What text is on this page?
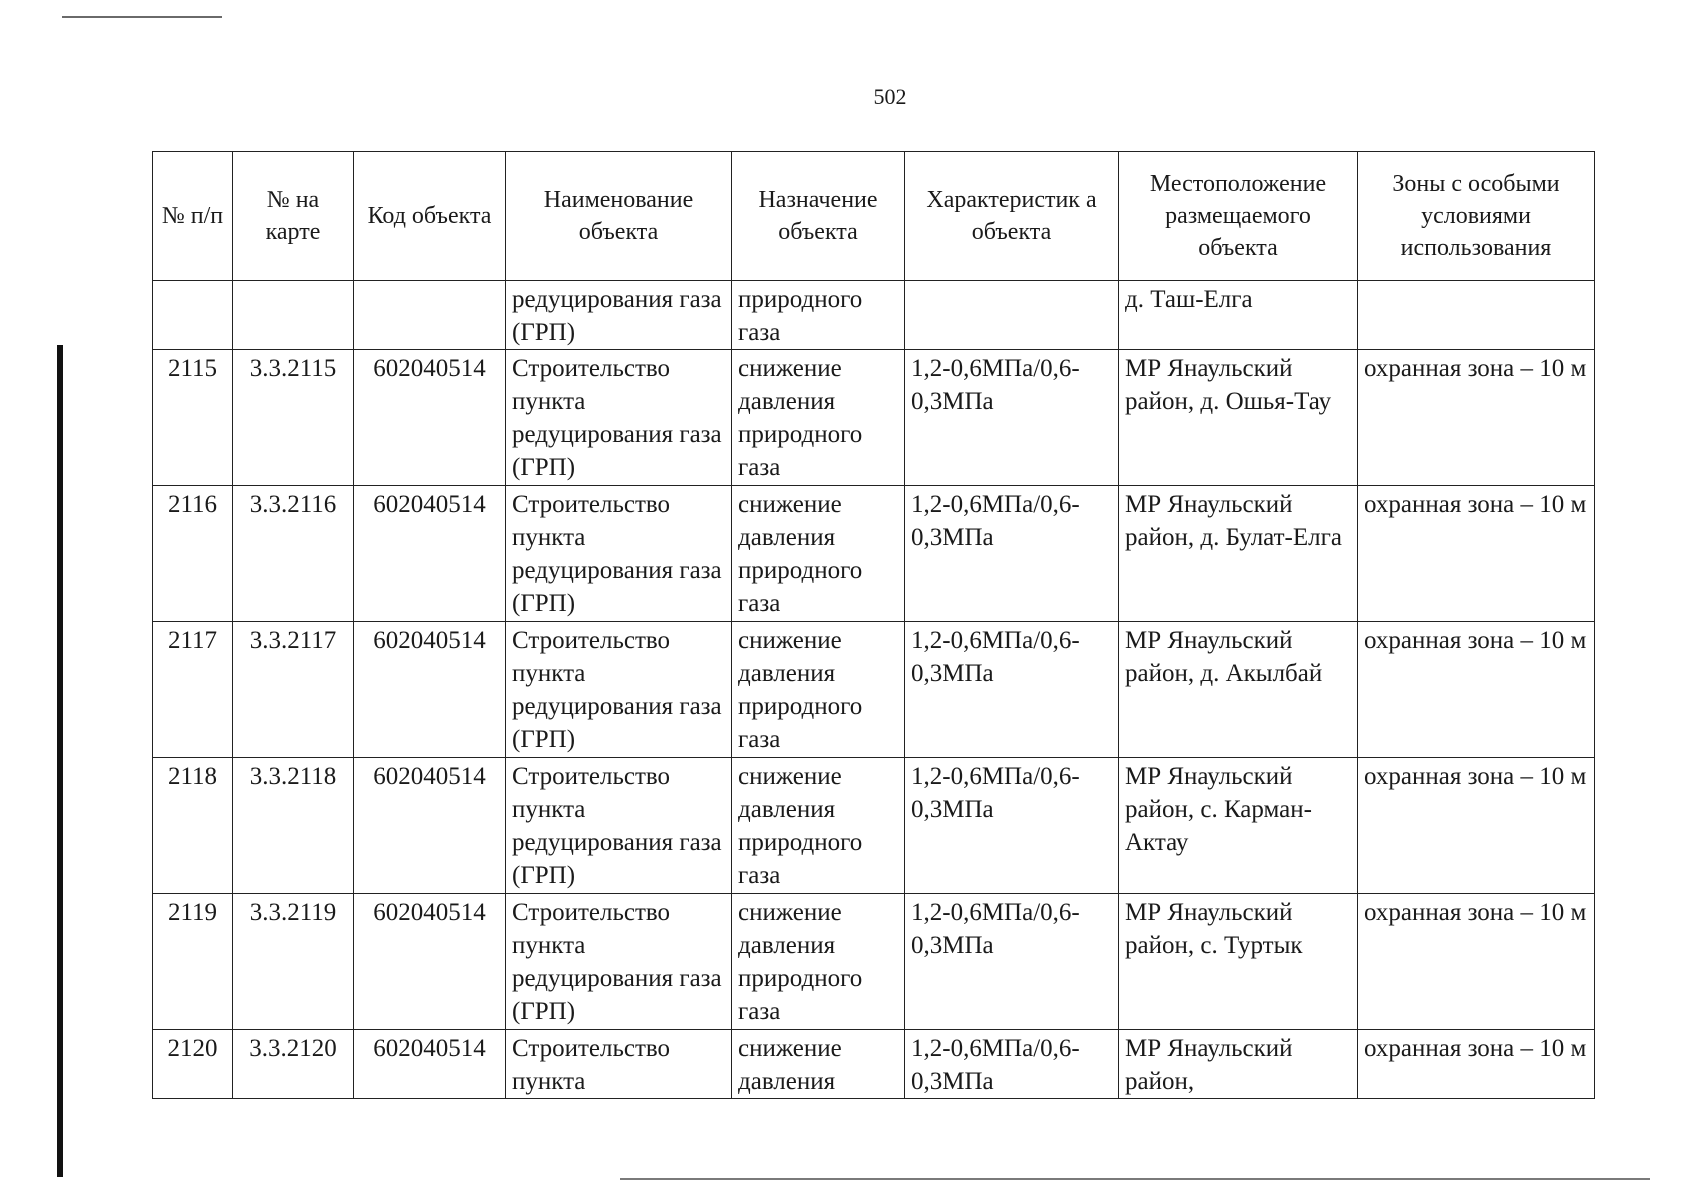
502
№ п/п	№ на карте	Код объекта	Наименование объекта	Назначение объекта	Характеристик а объекта	Местоположение размещаемого объекта	Зоны с особыми условиями использования
			редуцирования газа (ГРП)	природного газа		д. Таш-Елга	
2115	3.3.2115	602040514	Строительство пункта редуцирования газа (ГРП)	снижение давления природного газа	1,2-0,6МПа/0,6-0,3МПа	МР Янаульский район, д. Ошья-Тау	охранная зона – 10 м
2116	3.3.2116	602040514	Строительство пункта редуцирования газа (ГРП)	снижение давления природного газа	1,2-0,6МПа/0,6-0,3МПа	МР Янаульский район, д. Булат-Елга	охранная зона – 10 м
2117	3.3.2117	602040514	Строительство пункта редуцирования газа (ГРП)	снижение давления природного газа	1,2-0,6МПа/0,6-0,3МПа	МР Янаульский район, д. Акылбай	охранная зона – 10 м
2118	3.3.2118	602040514	Строительство пункта редуцирования газа (ГРП)	снижение давления природного газа	1,2-0,6МПа/0,6-0,3МПа	МР Янаульский район, с. Карман-Актау	охранная зона – 10 м
2119	3.3.2119	602040514	Строительство пункта редуцирования газа (ГРП)	снижение давления природного газа	1,2-0,6МПа/0,6-0,3МПа	МР Янаульский район, с. Туртык	охранная зона – 10 м
2120	3.3.2120	602040514	Строительство пункта	снижение давления	1,2-0,6МПа/0,6-0,3МПа	МР Янаульский район,	охранная зона – 10 м
